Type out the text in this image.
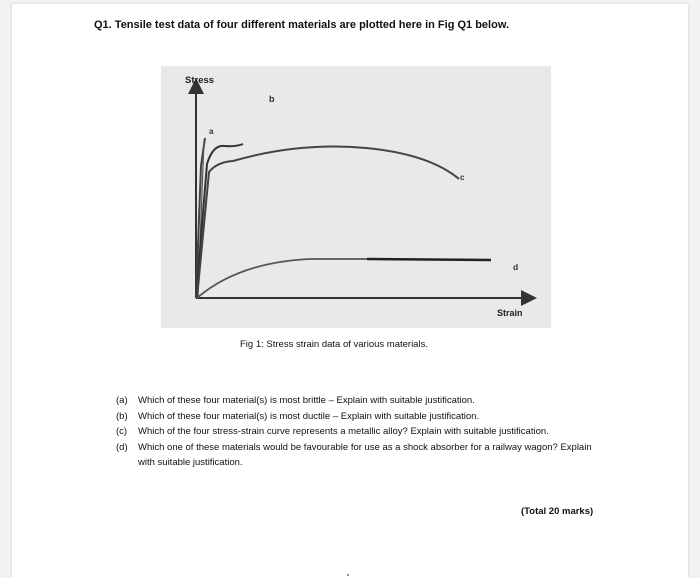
Q1. Tensile test data of four different materials are plotted here in Fig Q1 below.
Stress
Strain
a
b
c
d
Fig 1: Stress strain data of various materials.
(a)	Which of these four material(s) is most brittle – Explain with suitable justification.
(b)	Which of these four material(s) is most ductile – Explain with suitable justification.
(c)	Which of the four stress-strain curve represents a metallic alloy? Explain with suitable justification.
(d)	Which one of these materials would be favourable for use as a shock absorber for a railway wagon? Explain with suitable justification.
(Total 20 marks)
